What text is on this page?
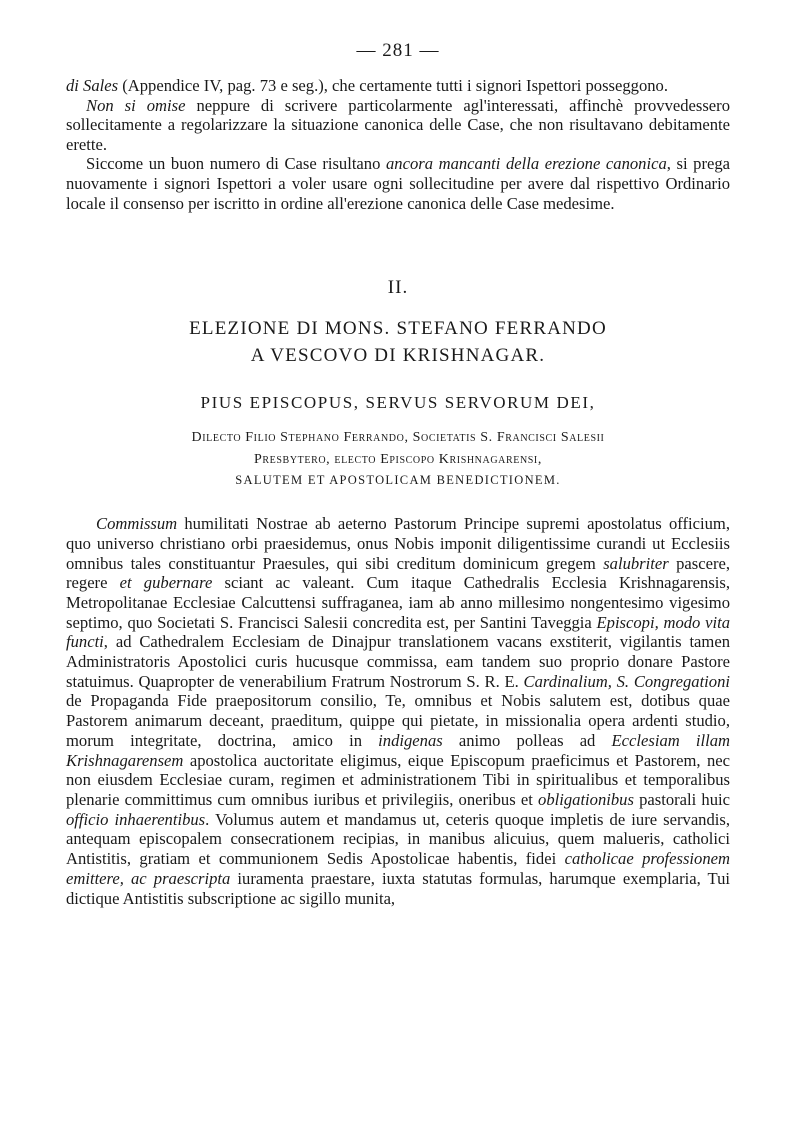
— 281 —

di Sales (Appendice IV, pag. 73 e seg.), che certamente tutti i signori Ispettori posseggono.

Non si omise neppure di scrivere particolarmente agl'interessati, affinchè provvedessero sollecitamente a regolarizzare la situazione canonica delle Case, che non risultavano debitamente erette.

Siccome un buon numero di Case risultano ancora mancanti della erezione canonica, si prega nuovamente i signori Ispettori a voler usare ogni sollecitudine per avere dal rispettivo Ordinario locale il consenso per iscritto in ordine all'erezione canonica delle Case medesime.

II.
ELEZIONE DI MONS. STEFANO FERRANDO
A VESCOVO DI KRISHNAGAR.
PIUS EPISCOPUS, SERVUS SERVORUM DEI,
Dilecto Filio Stephano Ferrando, Societatis S. Francisci Salesii
Presbytero, electo Episcopo Krishnagarensi,
SALUTEM ET APOSTOLICAM BENEDICTIONEM.

Commissum humilitati Nostrae ab aeterno Pastorum Principe supremi apostolatus officium, quo universo christiano orbi praesidemus, onus Nobis imponit diligentissime curandi ut Ecclesiis omnibus tales constituantur Praesules, qui sibi creditum dominicum gregem salubriter pascere, regere et gubernare sciant ac valeant. Cum itaque Cathedralis Ecclesia Krishnagarensis, Metropolitanae Ecclesiae Calcuttensi suffraganea, iam ab anno millesimo nongentesimo vigesimo septimo, quo Societati S. Francisci Salesii concredita est, per Santini Taveggia Episcopi, modo vita functi, ad Cathedralem Ecclesiam de Dinajpur translationem vacans exstiterit, vigilantis tamen Administratoris Apostolici curis hucusque commissa, eam tandem suo proprio donare Pastore statuimus. Quapropter de venerabilium Fratrum Nostrorum S. R. E. Cardinalium, S. Congregationi de Propaganda Fide praepositorum consilio, Te, omnibus et Nobis salutem est, dotibus quae Pastorem animarum deceant, praeditum, quippe qui pietate, in missionalia opera ardenti studio, morum integritate, doctrina, amico in indigenas animo polleas ad Ecclesiam illam Krishnagarensem apostolica auctoritate eligimus, eique Episcopum praeficimus et Pastorem, nec non eiusdem Ecclesiae curam, regimen et administrationem Tibi in spiritualibus et temporalibus plenarie committimus cum omnibus iuribus et privilegiis, oneribus et obligationibus pastorali huic officio inhaerentibus. Volumus autem et mandamus ut, ceteris quoque impletis de iure servandis, antequam episcopalem consecrationem recipias, in manibus alicuius, quem malueris, catholici Antistitis, gratiam et communionem Sedis Apostolicae habentis, fidei catholicae professionem emittere, ac praescripta iuramenta praestare, iuxta statutas formulas, harumque exemplaria, Tui dictique Antistitis subscriptione ac sigillo munita,
